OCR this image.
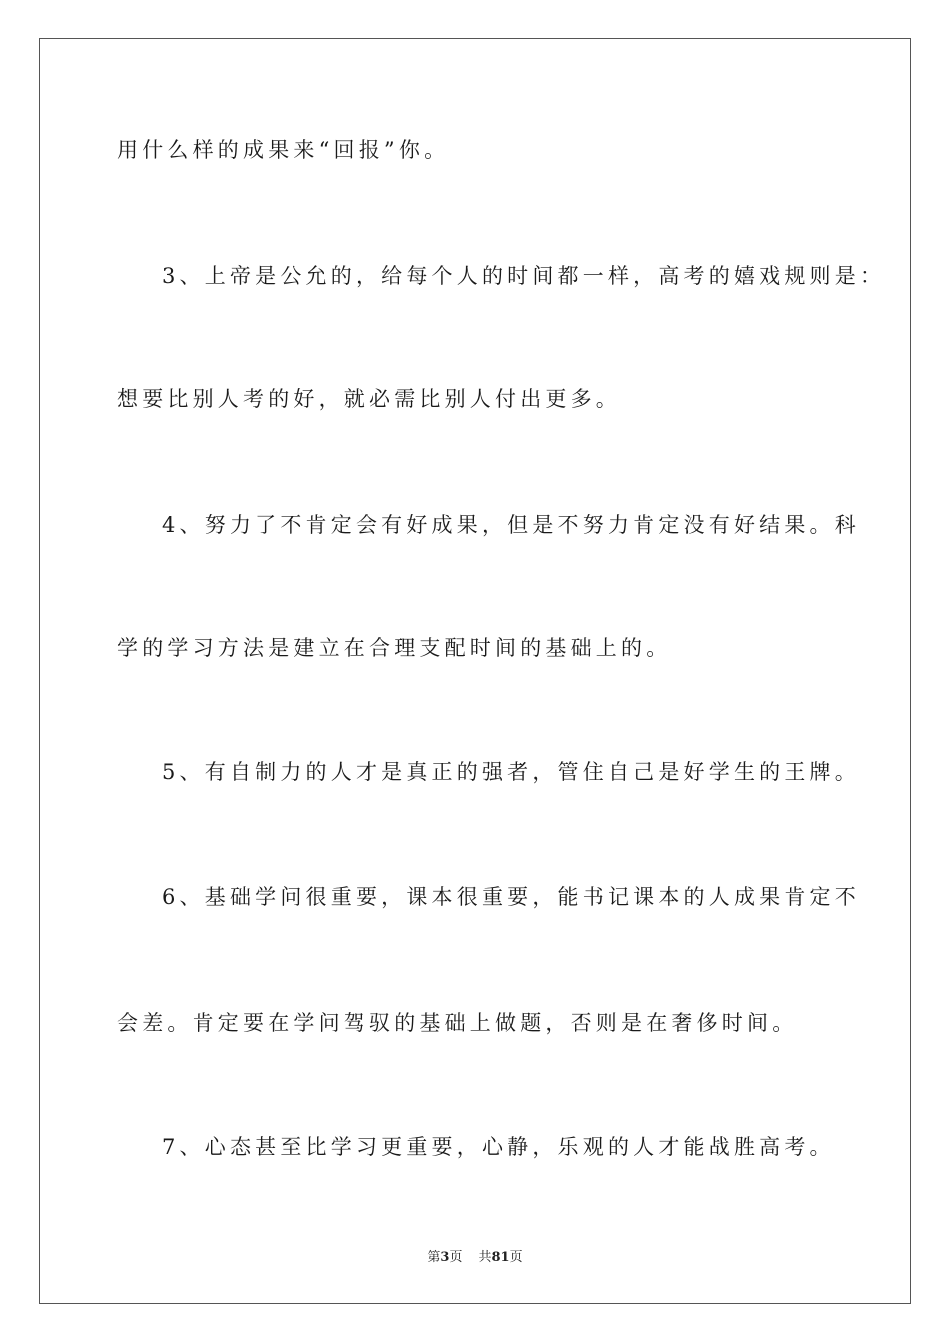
用什么样的成果来“回报”你。
3、上帝是公允的，给每个人的时间都一样，高考的嬉戏规则是：
想要比别人考的好，就必需比别人付出更多。
4、努力了不肯定会有好成果，但是不努力肯定没有好结果。科
学的学习方法是建立在合理支配时间的基础上的。
5、有自制力的人才是真正的强者，管住自己是好学生的王牌。
6、基础学问很重要，课本很重要，能书记课本的人成果肯定不
会差。肯定要在学问驾驭的基础上做题，否则是在奢侈时间。
7、心态甚至比学习更重要，心静，乐观的人才能战胜高考。
第3页 共81页
